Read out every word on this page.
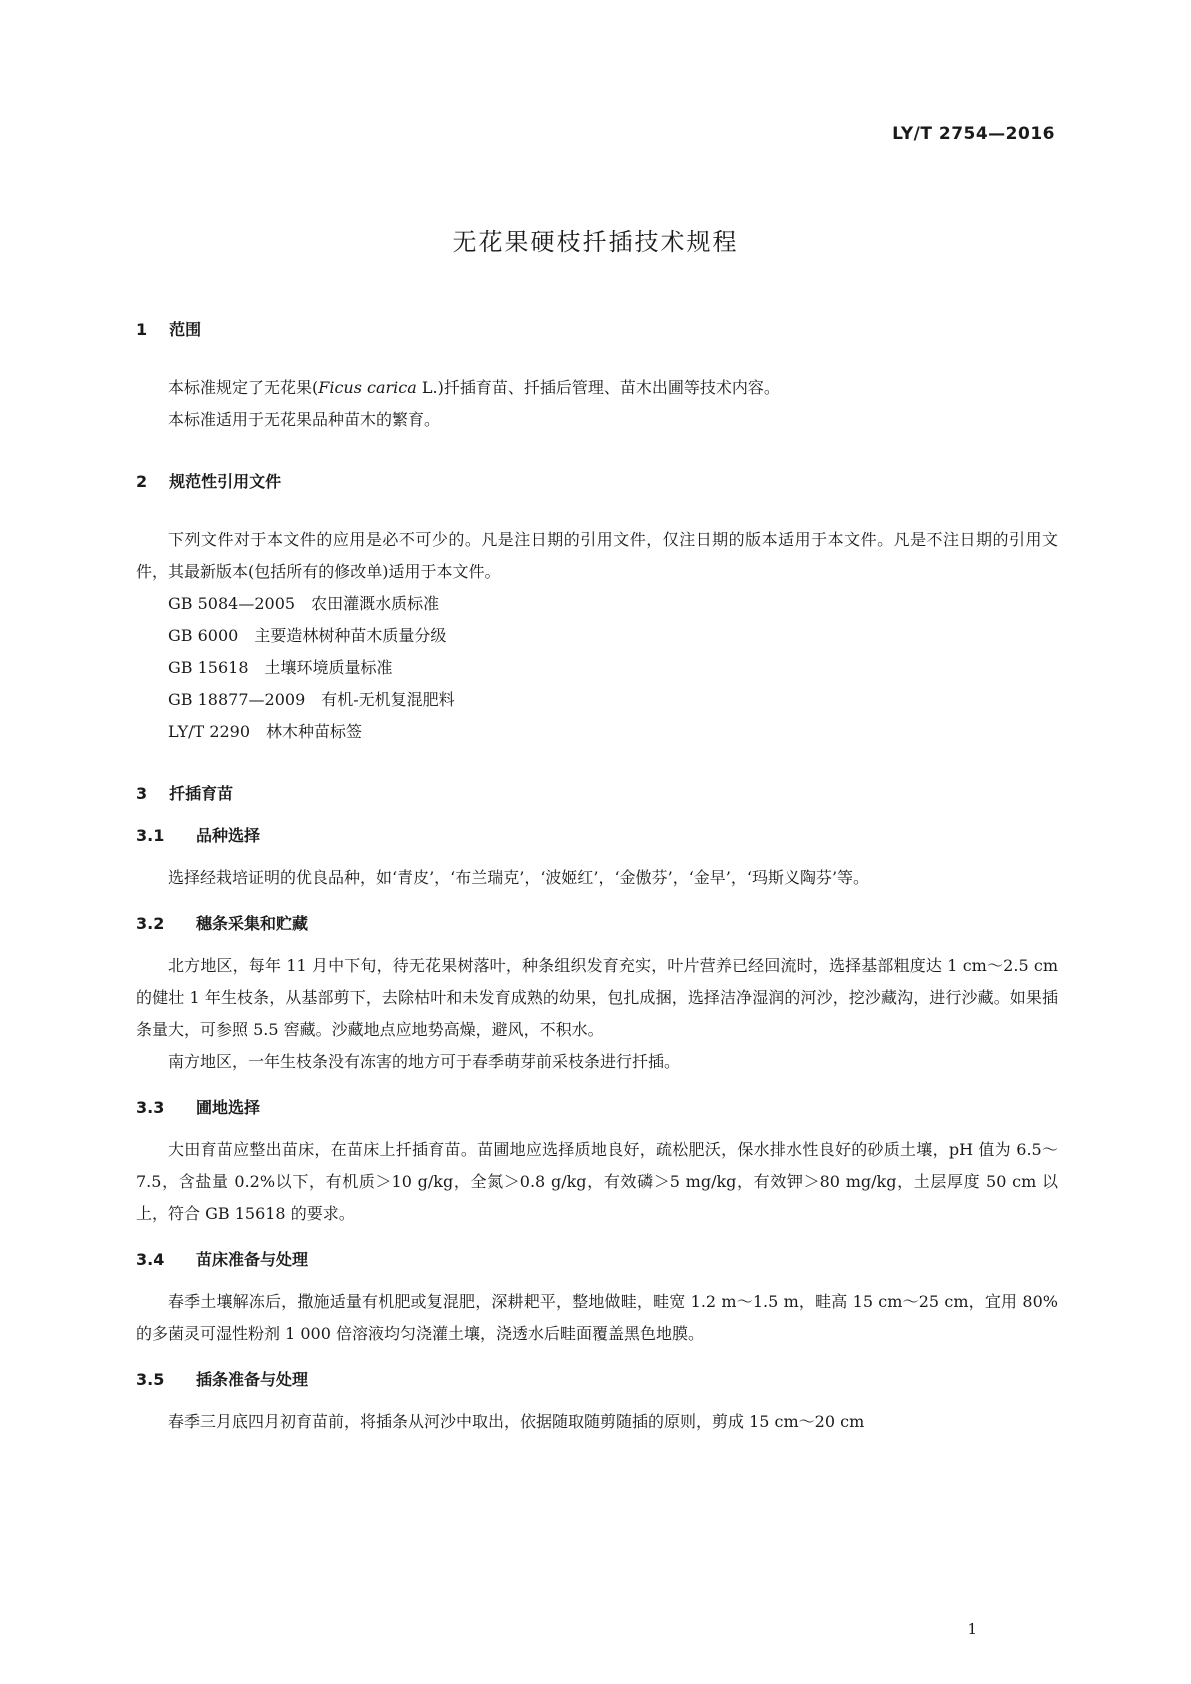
LY/T 2754—2016
无花果硬枝扦插技术规程
1 范围

本标准规定了无花果(Ficus carica L.)扦插育苗、扦插后管理、苗木出圃等技术内容。

本标准适用于无花果品种苗木的繁育。

2 规范性引用文件

下列文件对于本文件的应用是必不可少的。凡是注日期的引用文件，仅注日期的版本适用于本文件。凡是不注日期的引用文件，其最新版本(包括所有的修改单)适用于本文件。

GB 5084—2005 农田灌溉水质标准
GB 6000 主要造林树种苗木质量分级
GB 15618 土壤环境质量标准
GB 18877—2009 有机-无机复混肥料
LY/T 2290 林木种苗标签
3 扦插育苗
3.1	品种选择

选择经栽培证明的优良品种，如‘青皮’，‘布兰瑞克’，‘波姬红’，‘金傲芬’，‘金早’，‘玛斯义陶芬’等。

3.2	穗条采集和贮藏

北方地区，每年 11 月中下旬，待无花果树落叶，种条组织发育充实，叶片营养已经回流时，选择基部粗度达 1 cm～2.5 cm 的健壮 1 年生枝条，从基部剪下，去除枯叶和未发育成熟的幼果，包扎成捆，选择洁净湿润的河沙，挖沙藏沟，进行沙藏。如果插条量大，可参照 5.5 窖藏。沙藏地点应地势高燥，避风，不积水。

南方地区，一年生枝条没有冻害的地方可于春季萌芽前采枝条进行扦插。

3.3	圃地选择

大田育苗应整出苗床，在苗床上扦插育苗。苗圃地应选择质地良好，疏松肥沃，保水排水性良好的砂质土壤，pH 值为 6.5～7.5，含盐量 0.2%以下，有机质＞10 g/kg，全氮＞0.8 g/kg，有效磷＞5 mg/kg，有效钾＞80 mg/kg，土层厚度 50 cm 以上，符合 GB 15618 的要求。

3.4	苗床准备与处理

春季土壤解冻后，撒施适量有机肥或复混肥，深耕耙平，整地做畦，畦宽 1.2 m～1.5 m，畦高 15 cm～25 cm，宜用 80%的多菌灵可湿性粉剂 1 000 倍溶液均匀浇灌土壤，浇透水后畦面覆盖黑色地膜。

3.5	插条准备与处理

春季三月底四月初育苗前，将插条从河沙中取出，依据随取随剪随插的原则，剪成 15 cm～20 cm

1
